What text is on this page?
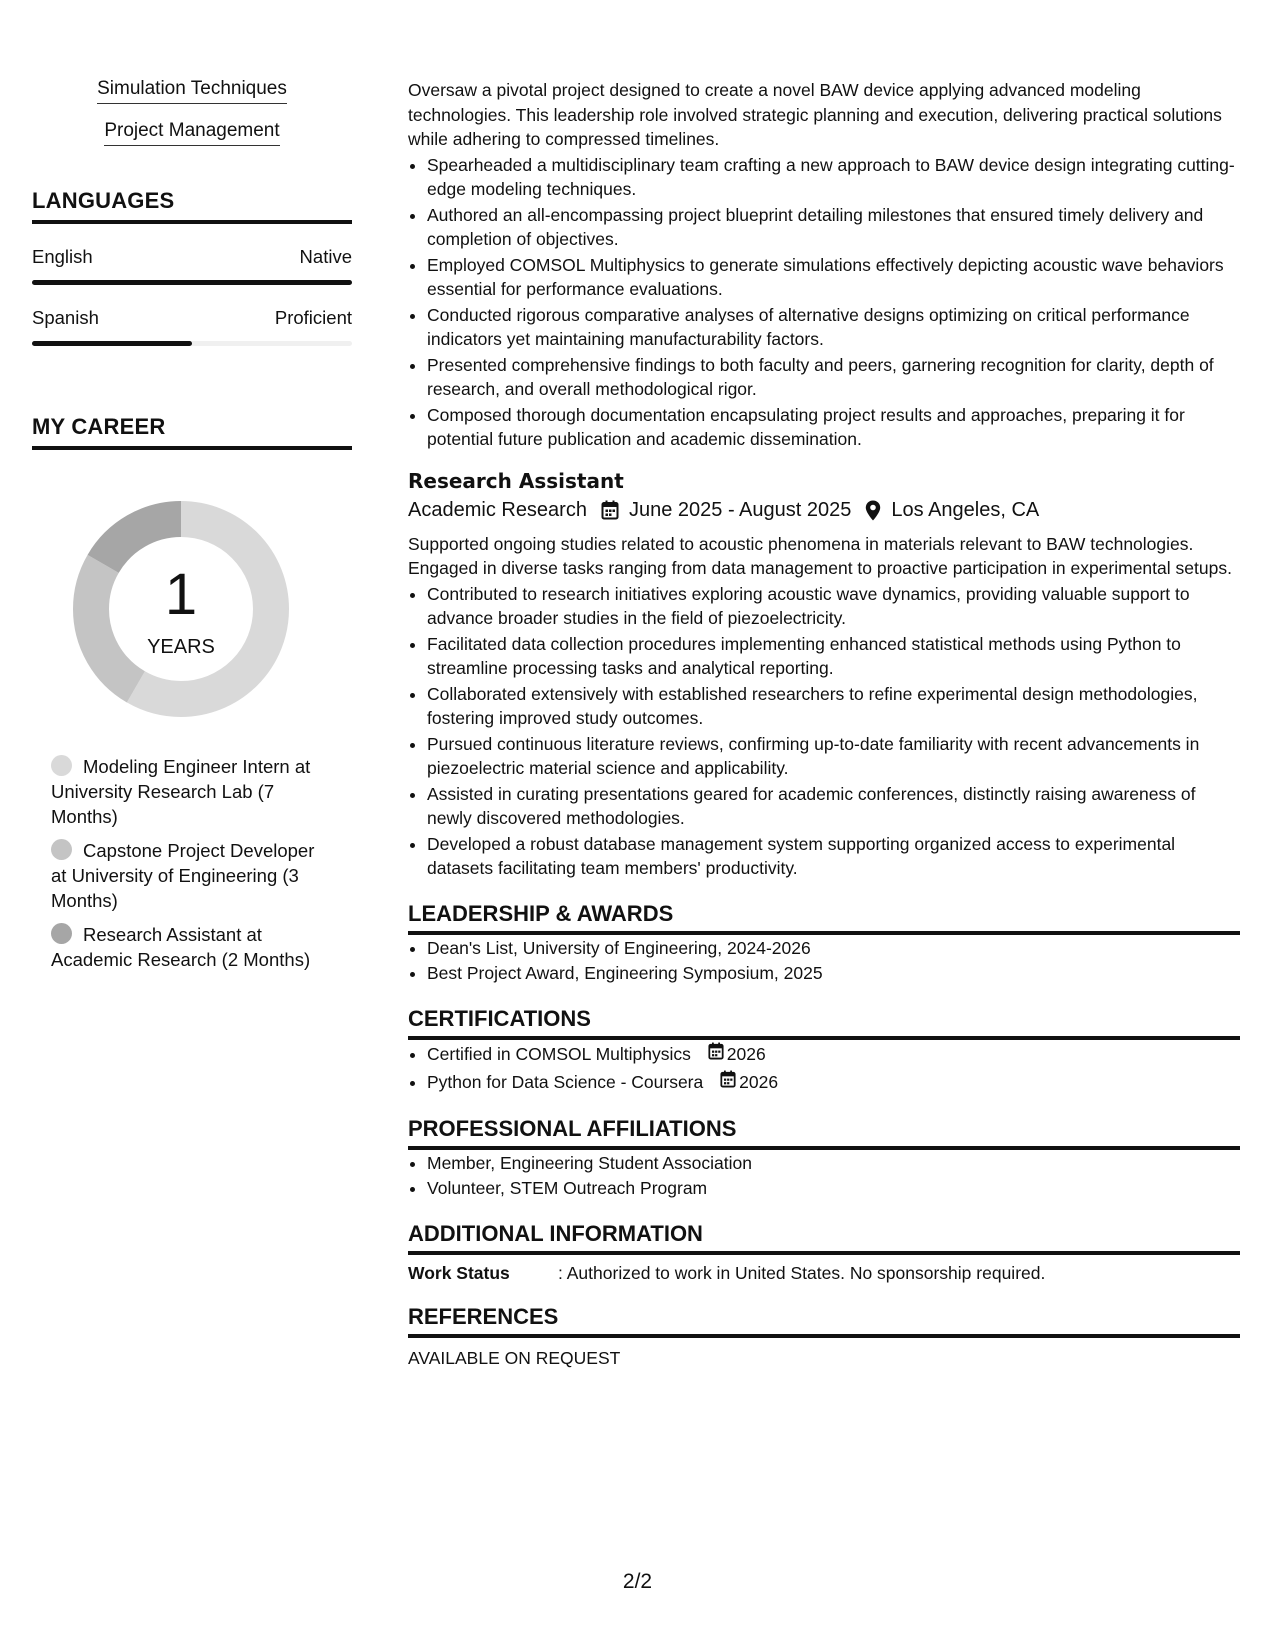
Simulation Techniques
Project Management
LANGUAGES
English	Native
Spanish	Proficient
MY CAREER
1
YEARS
Modeling Engineer Intern at University Research Lab (7 Months)
Capstone Project Developer at University of Engineering (3 Months)
Research Assistant at Academic Research (2 Months)

Oversaw a pivotal project designed to create a novel BAW device applying advanced modeling technologies. This leadership role involved strategic planning and execution, delivering practical solutions while adhering to compressed timelines.

• Spearheaded a multidisciplinary team crafting a new approach to BAW device design integrating cutting-edge modeling techniques.
• Authored an all-encompassing project blueprint detailing milestones that ensured timely delivery and completion of objectives.
• Employed COMSOL Multiphysics to generate simulations effectively depicting acoustic wave behaviors essential for performance evaluations.
• Conducted rigorous comparative analyses of alternative designs optimizing on critical performance indicators yet maintaining manufacturability factors.
• Presented comprehensive findings to both faculty and peers, garnering recognition for clarity, depth of research, and overall methodological rigor.
• Composed thorough documentation encapsulating project results and approaches, preparing it for potential future publication and academic dissemination.
Research Assistant
Academic Research June 2025 - August 2025 Los Angeles, CA

Supported ongoing studies related to acoustic phenomena in materials relevant to BAW technologies. Engaged in diverse tasks ranging from data management to proactive participation in experimental setups.

• Contributed to research initiatives exploring acoustic wave dynamics, providing valuable support to advance broader studies in the field of piezoelectricity.
• Facilitated data collection procedures implementing enhanced statistical methods using Python to streamline processing tasks and analytical reporting.
• Collaborated extensively with established researchers to refine experimental design methodologies, fostering improved study outcomes.
• Pursued continuous literature reviews, confirming up-to-date familiarity with recent advancements in piezoelectric material science and applicability.
• Assisted in curating presentations geared for academic conferences, distinctly raising awareness of newly discovered methodologies.
• Developed a robust database management system supporting organized access to experimental datasets facilitating team members' productivity.
LEADERSHIP & AWARDS
• Dean's List, University of Engineering, 2024-2026
• Best Project Award, Engineering Symposium, 2025
CERTIFICATIONS
• Certified in COMSOL Multiphysics 2026
• Python for Data Science - Coursera 2026
PROFESSIONAL AFFILIATIONS
• Member, Engineering Student Association
• Volunteer, STEM Outreach Program
ADDITIONAL INFORMATION
Work Status	: Authorized to work in United States. No sponsorship required.
REFERENCES
AVAILABLE ON REQUEST
2/2
